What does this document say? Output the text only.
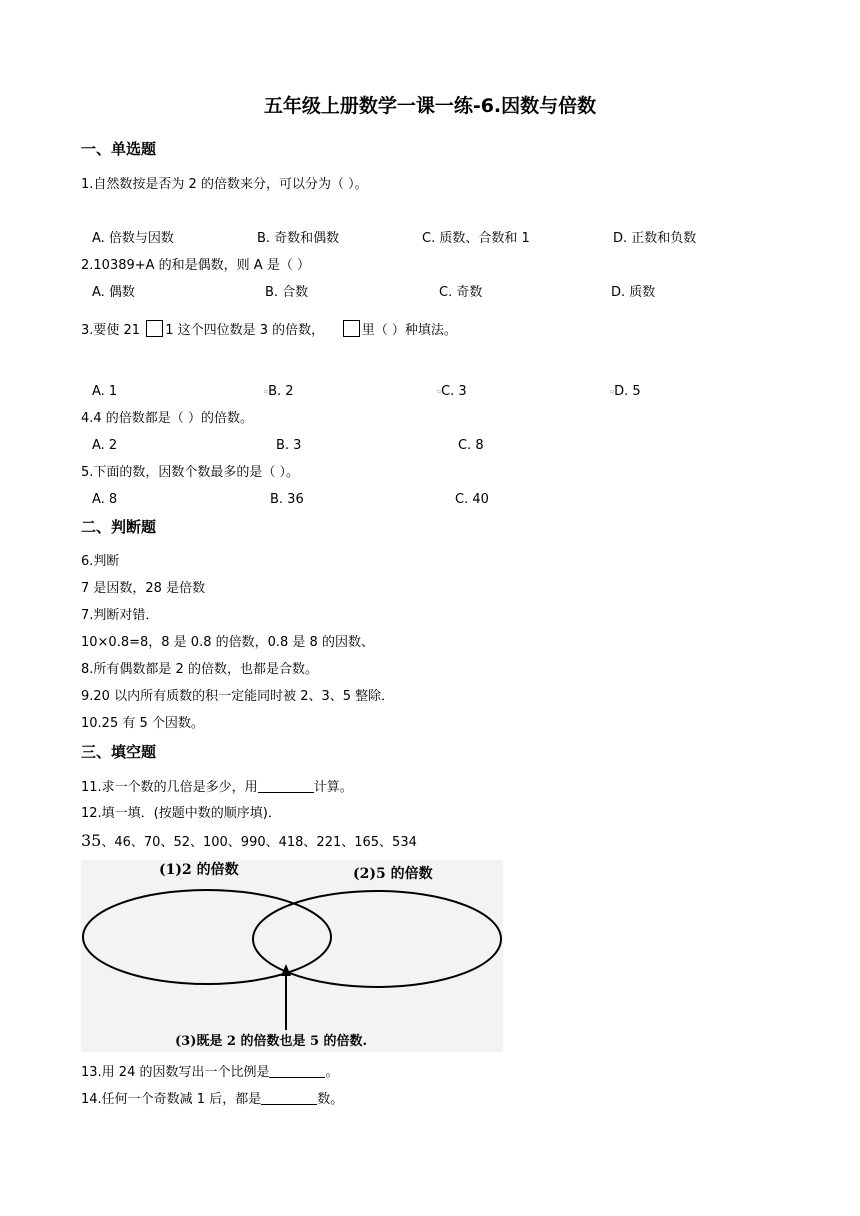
五年级上册数学一课一练-6.因数与倍数
一、单选题
1.自然数按是否为 2 的倍数来分，可以分为（ ）。
A. 倍数与因数	B. 奇数和偶数	C. 质数、合数和 1	D. 正数和负数
2.10389+A 的和是偶数，则 A 是（ ）
A. 偶数	B. 合数	C. 奇数	D. 质数
3.要使 21 1 这个四位数是 3 的倍数，	里（ ）种填法。
A. 1	▫B. 2	▫C. 3	▫D. 5
4.4 的倍数都是（ ）的倍数。
A. 2	B. 3	C. 8
5.下面的数，因数个数最多的是（ ）。
A. 8	B. 36	C. 40
二、判断题
6.判断
7 是因数，28 是倍数
7.判断对错．
10×0.8=8，8 是 0.8 的倍数，0.8 是 8 的因数、
8.所有偶数都是 2 的倍数，也都是合数。
9.20 以内所有质数的积一定能同时被 2、3、5 整除．
10.25 有 5 个因数。
三、填空题
11.求一个数的几倍是多少，用	计算。
12.填一填．(按题中数的顺序填)．
35、46、70、52、100、990、418、221、165、534
(1)2 的倍数	(2)5 的倍数
(3)既是 2 的倍数也是 5 的倍数.
13.用 24 的因数写出一个比例是	。
14.任何一个奇数减 1 后，都是	数。
